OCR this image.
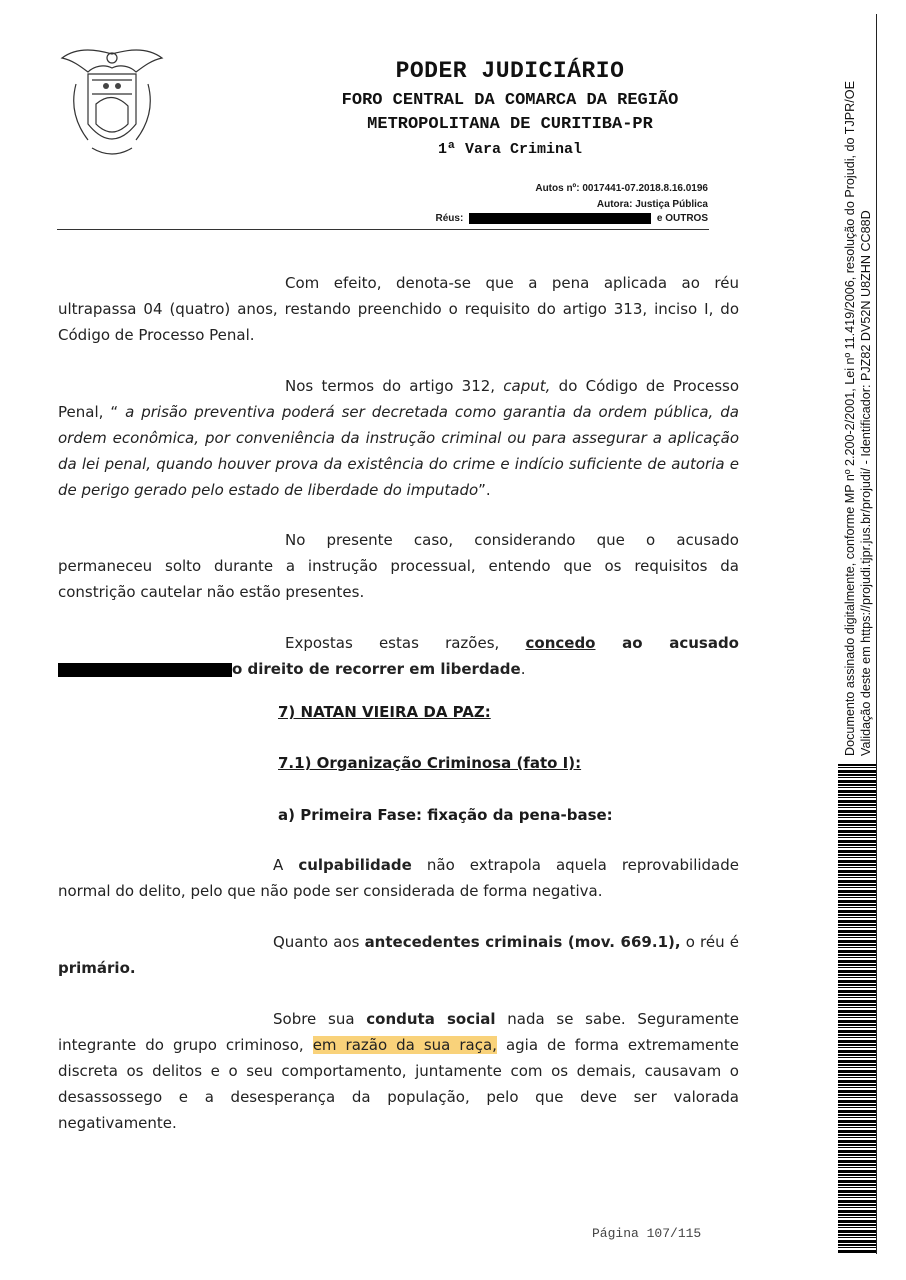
PODER JUDICIÁRIO
FORO CENTRAL DA COMARCA DA REGIÃO
METROPOLITANA DE CURITIBA-PR
1ª Vara Criminal
Autos nº: 0017441-07.2018.8.16.0196
Autora: Justiça Pública
Réus:	e OUTROS
Com efeito, denota-se que a pena aplicada ao réu ultrapassa 04 (quatro) anos, restando preenchido o requisito do artigo 313, inciso I, do Código de Processo Penal.
Nos termos do artigo 312, caput, do Código de Processo Penal, “ a prisão preventiva poderá ser decretada como garantia da ordem pública, da ordem econômica, por conveniência da instrução criminal ou para assegurar a aplicação da lei penal, quando houver prova da existência do crime e indício suficiente de autoria e de perigo gerado pelo estado de liberdade do imputado”.
No presente caso, considerando que o acusado permaneceu solto durante a instrução processual, entendo que os requisitos da constrição cautelar não estão presentes.
Expostas estas razões, concedo ao acusado o direito de recorrer em liberdade.
7) NATAN VIEIRA DA PAZ:
7.1) Organização Criminosa (fato I):
a) Primeira Fase: fixação da pena-base:
A culpabilidade não extrapola aquela reprovabilidade normal do delito, pelo que não pode ser considerada de forma negativa.
Quanto aos antecedentes criminais (mov. 669.1), o réu é primário.
Sobre sua conduta social nada se sabe. Seguramente integrante do grupo criminoso, em razão da sua raça, agia de forma extremamente discreta os delitos e o seu comportamento, juntamente com os demais, causavam o desassossego e a desesperança da população, pelo que deve ser valorada negativamente.
Página 107/115
Documento assinado digitalmente, conforme MP nº 2.200-2/2001, Lei nº 11.419/2006, resolução do Projudi, do TJPR/OE Validação deste em https://projudi.tjpr.jus.br/projudi/ - Identificador: PJZ82 DV52N U8ZHN CC88D
